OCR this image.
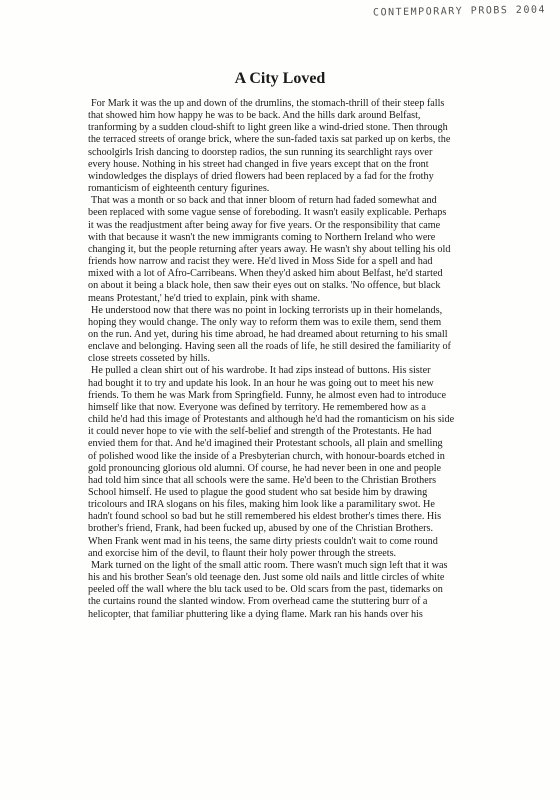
CONTEMPORARY PROBS 2004
A City Loved
For Mark it was the up and down of the drumlins, the stomach-thrill of their steep falls
that showed him how happy he was to be back. And the hills dark around Belfast,
tranforming by a sudden cloud-shift to light green like a wind-dried stone. Then through
the terraced streets of orange brick, where the sun-faded taxis sat parked up on kerbs, the
schoolgirls Irish dancing to doorstep radios, the sun running its searchlight rays over
every house. Nothing in his street had changed in five years except that on the front
windowledges the displays of dried flowers had been replaced by a fad for the frothy
romanticism of eighteenth century figurines.
That was a month or so back and that inner bloom of return had faded somewhat and
been replaced with some vague sense of foreboding. It wasn't easily explicable. Perhaps
it was the readjustment after being away for five years. Or the responsibility that came
with that because it wasn't the new immigrants coming to Northern Ireland who were
changing it, but the people returning after years away. He wasn't shy about telling his old
friends how narrow and racist they were. He'd lived in Moss Side for a spell and had
mixed with a lot of Afro-Carribeans. When they'd asked him about Belfast, he'd started
on about it being a black hole, then saw their eyes out on stalks. 'No offence, but black
means Protestant,' he'd tried to explain, pink with shame.
He understood now that there was no point in locking terrorists up in their homelands,
hoping they would change. The only way to reform them was to exile them, send them
on the run. And yet, during his time abroad, he had dreamed about returning to his small
enclave and belonging. Having seen all the roads of life, he still desired the familiarity of
close streets cosseted by hills.
He pulled a clean shirt out of his wardrobe. It had zips instead of buttons. His sister
had bought it to try and update his look. In an hour he was going out to meet his new
friends. To them he was Mark from Springfield. Funny, he almost even had to introduce
himself like that now. Everyone was defined by territory. He remembered how as a
child he'd had this image of Protestants and although he'd had the romanticism on his side
it could never hope to vie with the self-belief and strength of the Protestants. He had
envied them for that. And he'd imagined their Protestant schools, all plain and smelling
of polished wood like the inside of a Presbyterian church, with honour-boards etched in
gold pronouncing glorious old alumni. Of course, he had never been in one and people
had told him since that all schools were the same. He'd been to the Christian Brothers
School himself. He used to plague the good student who sat beside him by drawing
tricolours and IRA slogans on his files, making him look like a paramilitary swot. He
hadn't found school so bad but he still remembered his eldest brother's times there. His
brother's friend, Frank, had been fucked up, abused by one of the Christian Brothers.
When Frank went mad in his teens, the same dirty priests couldn't wait to come round
and exorcise him of the devil, to flaunt their holy power through the streets.
Mark turned on the light of the small attic room. There wasn't much sign left that it was
his and his brother Sean's old teenage den. Just some old nails and little circles of white
peeled off the wall where the blu tack used to be. Old scars from the past, tidemarks on
the curtains round the slanted window. From overhead came the stuttering burr of a
helicopter, that familiar phuttering like a dying flame. Mark ran his hands over his
